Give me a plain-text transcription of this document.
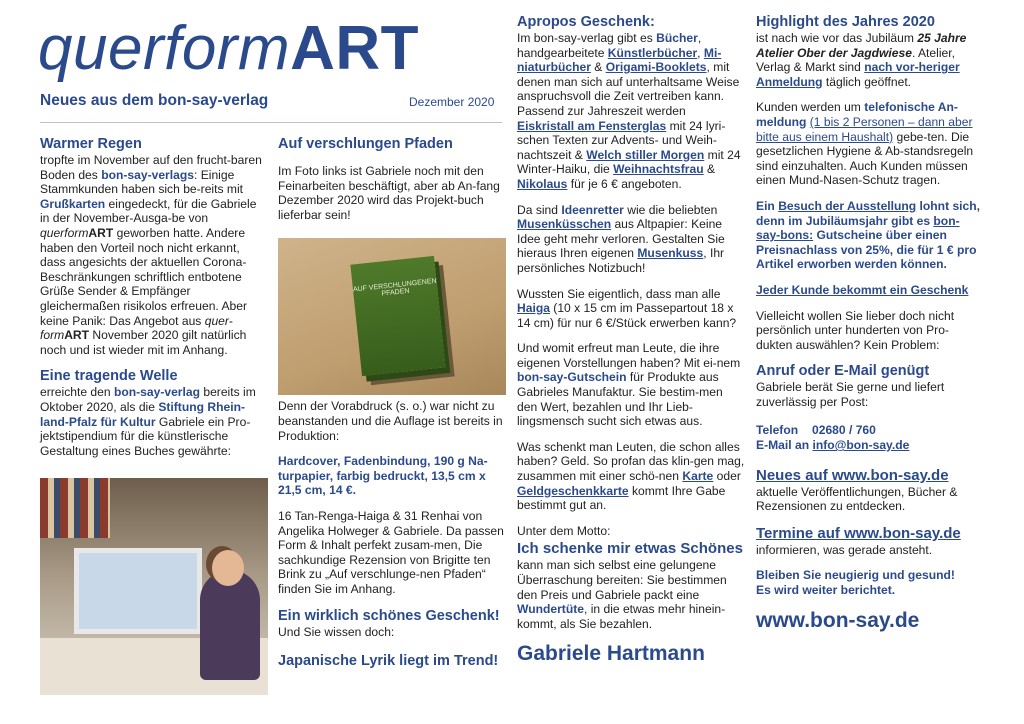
querformART
Neues aus dem bon-say-verlag	Dezember 2020
Warmer Regen

tropfte im November auf den frucht-baren Boden des bon-say-verlags: Einige Stammkunden haben sich be-reits mit Grußkarten eingedeckt, für die Gabriele in der November-Ausga-be von querformART geworben hatte. Andere haben den Vorteil noch nicht erkannt, dass angesichts der aktuellen Corona-Beschränkungen schriftlich entbotene Grüße Sender & Empfänger gleichermaßen risikolos erfreuen. Aber keine Panik: Das Angebot aus quer-formART November 2020 gilt natürlich noch und ist wieder mit im Anhang.

Eine tragende Welle

erreichte den bon-say-verlag bereits im Oktober 2020, als die Stiftung Rhein-land-Pfalz für Kultur Gabriele ein Pro-jektstipendium für die künstlerische Gestaltung eines Buches gewährte:

Auf verschlungen Pfaden

Im Foto links ist Gabriele noch mit den Feinarbeiten beschäftigt, aber ab An-fang Dezember 2020 wird das Projekt-buch lieferbar sein!

Denn der Vorabdruck (s. o.) war nicht zu beanstanden und die Auflage ist bereits in Produktion:

Hardcover, Fadenbindung, 190 g Na-turpapier, farbig bedruckt, 13,5 cm x 21,5 cm, 14 €.

16 Tan-Renga-Haiga & 31 Renhai von Angelika Holweger & Gabriele. Da passen Form & Inhalt perfekt zusam-men, Die sachkundige Rezension von Brigitte ten Brink zu „Auf verschlunge-nen Pfaden“ finden Sie im Anhang.

Ein wirklich schönes Geschenk!

Und Sie wissen doch:

Japanische Lyrik liegt im Trend!
AUF VERSCHLUNGENEN PFADEN
Apropos Geschenk:

Im bon-say-verlag gibt es Bücher, handgearbeitete Künstlerbücher, Mi-niaturbücher & Origami-Booklets, mit denen man sich auf unterhaltsame Weise anspruchsvoll die Zeit vertreiben kann. Passend zur Jahreszeit werden Eiskristall am Fensterglas mit 24 lyri-schen Texten zur Advents- und Weih-nachtszeit & Welch stiller Morgen mit 24 Winter-Haiku, die Weihnachtsfrau & Nikolaus für je 6 € angeboten.

Da sind Ideenretter wie die beliebten Musenküsschen aus Altpapier: Keine Idee geht mehr verloren. Gestalten Sie hieraus Ihren eigenen Musenkuss, Ihr persönliches Notizbuch!

Wussten Sie eigentlich, dass man alle Haiga (10 x 15 cm im Passepartout 18 x 14 cm) für nur 6 €/Stück erwerben kann?

Und womit erfreut man Leute, die ihre eigenen Vorstellungen haben? Mit ei-nem bon-say-Gutschein für Produkte aus Gabrieles Manufaktur. Sie bestim-men den Wert, bezahlen und Ihr Lieb-lingsmensch sucht sich etwas aus.

Was schenkt man Leuten, die schon alles haben? Geld. So profan das klin-gen mag, zusammen mit einer schö-nen Karte oder Geldgeschenkkarte kommt Ihre Gabe bestimmt gut an.

Unter dem Motto:

Ich schenke mir etwas Schönes

kann man sich selbst eine gelungene Überraschung bereiten: Sie bestimmen den Preis und Gabriele packt eine Wundertüte, in die etwas mehr hinein-kommt, als Sie bezahlen.

Gabriele Hartmann
Highlight des Jahres 2020

ist nach wie vor das Jubiläum 25 Jahre Atelier Ober der Jagdwiese. Atelier, Verlag & Markt sind nach vor-heriger Anmeldung täglich geöffnet.

Kunden werden um telefonische An-meldung (1 bis 2 Personen – dann aber bitte aus einem Haushalt) gebe-ten. Die gesetzlichen Hygiene & Ab-standsregeln sind einzuhalten. Auch Kunden müssen einen Mund-Nasen-Schutz tragen.

Ein Besuch der Ausstellung lohnt sich, denn im Jubiläumsjahr gibt es bon-say-bons: Gutscheine über einen Preisnachlass von 25%, die für 1 € pro Artikel erworben werden können.

Jeder Kunde bekommt ein Geschenk

Vielleicht wollen Sie lieber doch nicht persönlich unter hunderten von Pro-dukten auswählen? Kein Problem:

Anruf oder E-Mail genügt

Gabriele berät Sie gerne und liefert zuverlässig per Post:

Telefon 02680 / 760
E-Mail an info@bon-say.de

Neues auf www.bon-say.de

aktuelle Veröffentlichungen, Bücher & Rezensionen zu entdecken.

Termine auf www.bon-say.de

informieren, was gerade ansteht.

Bleiben Sie neugierig und gesund!
Es wird weiter berichtet.

www.bon-say.de
